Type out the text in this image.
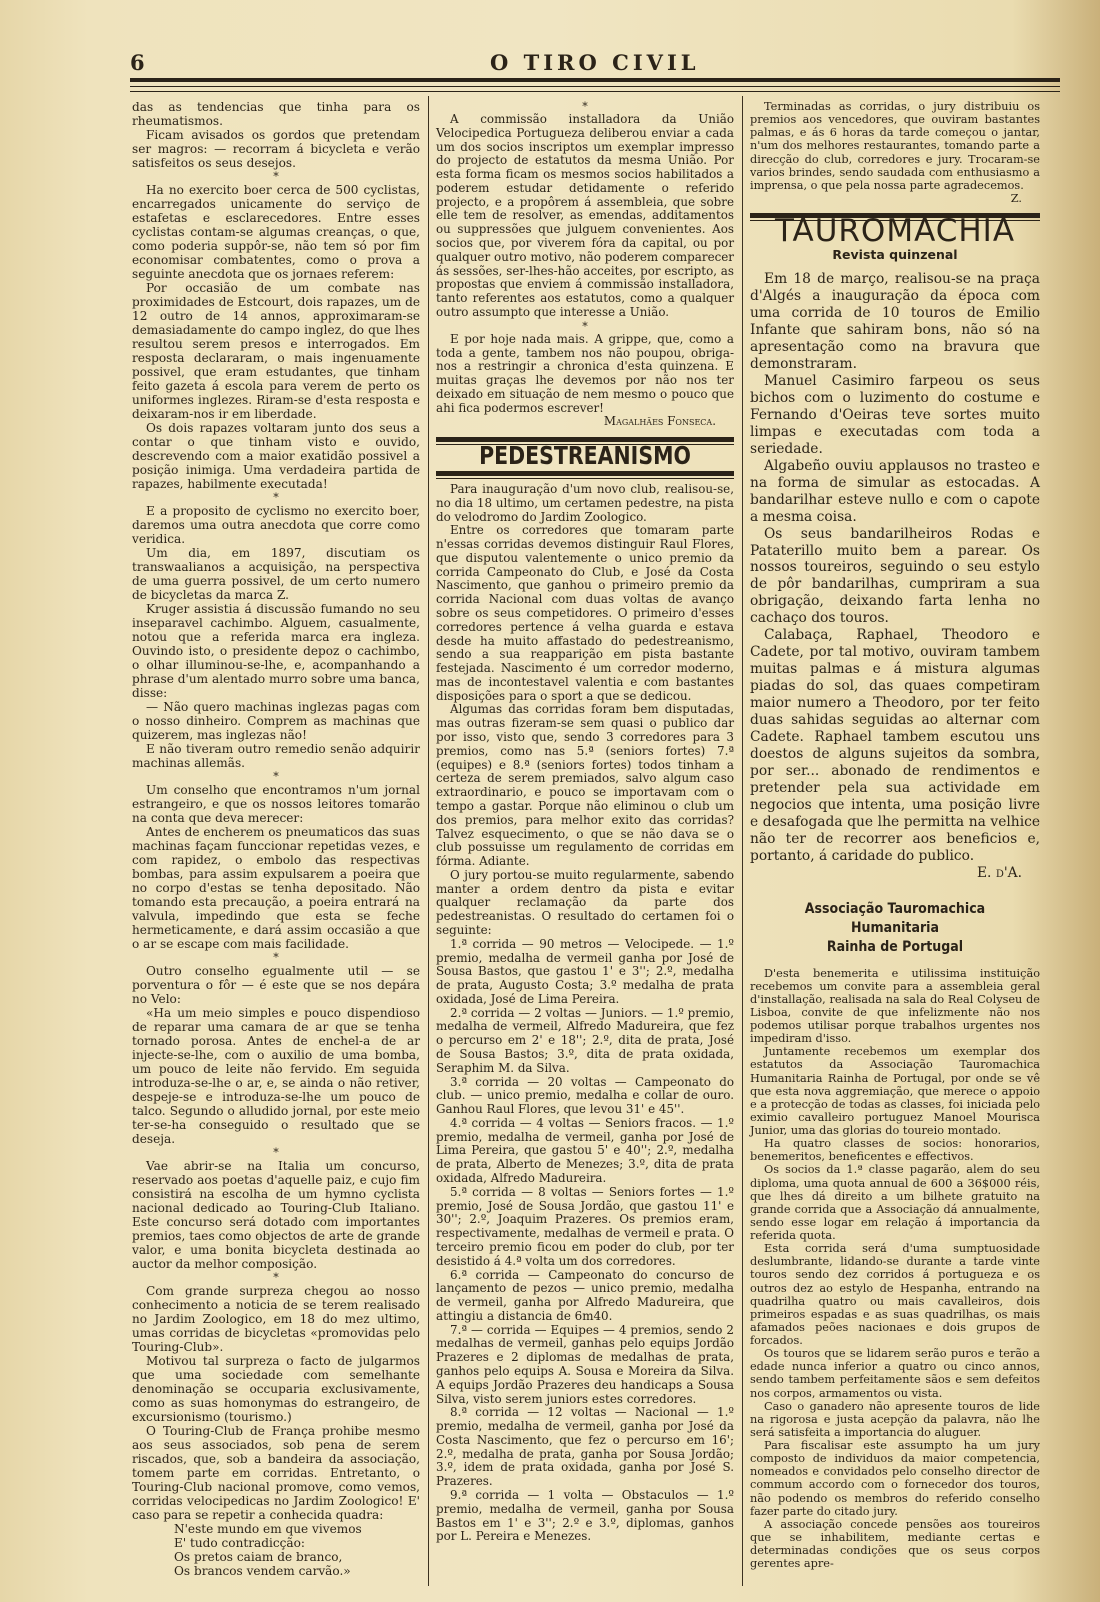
6	O TIRO CIVIL

das as tendencias que tinha para os rheumatismos.

Ficam avisados os gordos que pretendam ser magros: — recorram á bicycleta e verão satisfeitos os seus desejos.

*

Ha no exercito boer cerca de 500 cyclistas, encarregados unicamente do serviço de estafetas e esclarecedores. Entre esses cyclistas contam-se algumas creanças, o que, como poderia suppôr-se, não tem só por fim economisar combatentes, como o prova a seguinte anecdota que os jornaes referem:

Por occasião de um combate nas proximidades de Estcourt, dois rapazes, um de 12 outro de 14 annos, approximaram-se demasiadamente do campo inglez, do que lhes resultou serem presos e interrogados. Em resposta declararam, o mais ingenuamente possivel, que eram estudantes, que tinham feito gazeta á escola para verem de perto os uniformes inglezes. Riram-se d'esta resposta e deixaram-nos ir em liberdade.

Os dois rapazes voltaram junto dos seus a contar o que tinham visto e ouvido, descrevendo com a maior exatidão possivel a posição inimiga. Uma verdadeira partida de rapazes, habilmente executada!

*

E a proposito de cyclismo no exercito boer, daremos uma outra anecdota que corre como veridica.

Um dia, em 1897, discutiam os transwaalianos a acquisição, na perspectiva de uma guerra possivel, de um certo numero de bicycletas da marca Z.

Kruger assistia á discussão fumando no seu inseparavel cachimbo. Alguem, casualmente, notou que a referida marca era ingleza. Ouvindo isto, o presidente depoz o cachimbo, o olhar illuminou-se-lhe, e, acompanhando a phrase d'um alentado murro sobre uma banca, disse:

— Não quero machinas inglezas pagas com o nosso dinheiro. Comprem as machinas que quizerem, mas inglezas não!

E não tiveram outro remedio senão adquirir machinas allemãs.

*

Um conselho que encontramos n'um jornal estrangeiro, e que os nossos leitores tomarão na conta que deva merecer:

Antes de encherem os pneumaticos das suas machinas façam funccionar repetidas vezes, e com rapidez, o embolo das respectivas bombas, para assim expulsarem a poeira que no corpo d'estas se tenha depositado. Não tomando esta precaução, a poeira entrará na valvula, impedindo que esta se feche hermeticamente, e dará assim occasião a que o ar se escape com mais facilidade.

*

Outro conselho egualmente util — se porventura o fôr — é este que se nos depára no Velo:

«Ha um meio simples e pouco dispendioso de reparar uma camara de ar que se tenha tornado porosa. Antes de enchel-a de ar injecte-se-lhe, com o auxilio de uma bomba, um pouco de leite não fervido. Em seguida introduza-se-lhe o ar, e, se ainda o não retiver, despeje-se e introduza-se-lhe um pouco de talco. Segundo o alludido jornal, por este meio ter-se-ha conseguido o resultado que se deseja.

*

Vae abrir-se na Italia um concurso, reservado aos poetas d'aquelle paiz, e cujo fim consistirá na escolha de um hymno cyclista nacional dedicado ao Touring-Club Italiano. Este concurso será dotado com importantes premios, taes como objectos de arte de grande valor, e uma bonita bicycleta destinada ao auctor da melhor composição.

*

Com grande surpreza chegou ao nosso conhecimento a noticia de se terem realisado no Jardim Zoologico, em 18 do mez ultimo, umas corridas de bicycletas «promovidas pelo Touring-Club».

Motivou tal surpreza o facto de julgarmos que uma sociedade com semelhante denominação se occuparia exclusivamente, como as suas homonymas do estrangeiro, de excursionismo (tourismo.)

O Touring-Club de França prohibe mesmo aos seus associados, sob pena de serem riscados, que, sob a bandeira da associação, tomem parte em corridas. Entretanto, o Touring-Club nacional promove, como vemos, corridas velocipedicas no Jardim Zoologico! E' caso para se repetir a conhecida quadra:

N'este mundo em que vivemos
E' tudo contradicção:
Os pretos caiam de branco,
Os brancos vendem carvão.»
*

A commissão installadora da União Velocipedica Portugueza deliberou enviar a cada um dos socios inscriptos um exemplar impresso do projecto de estatutos da mesma União. Por esta forma ficam os mesmos socios habilitados a poderem estudar detidamente o referido projecto, e a propôrem á assembleia, que sobre elle tem de resolver, as emendas, additamentos ou suppressões que julguem convenientes. Aos socios que, por viverem fóra da capital, ou por qualquer outro motivo, não poderem comparecer ás sessões, ser-lhes-hão acceites, por escripto, as propostas que enviem á commissão installadora, tanto referentes aos estatutos, como a qualquer outro assumpto que interesse a União.

*

E por hoje nada mais. A grippe, que, como a toda a gente, tambem nos não poupou, obriga-nos a restringir a chronica d'esta quinzena. E muitas graças lhe devemos por não nos ter deixado em situação de nem mesmo o pouco que ahi fica podermos escrever!

Magalhães Fonseca.
PEDESTREANISMO

Para inauguração d'um novo club, realisou-se, no dia 18 ultimo, um certamen pedestre, na pista do velodromo do Jardim Zoologico.

Entre os corredores que tomaram parte n'essas corridas devemos distinguir Raul Flores, que disputou valentemente o unico premio da corrida Campeonato do Club, e José da Costa Nascimento, que ganhou o primeiro premio da corrida Nacional com duas voltas de avanço sobre os seus competidores. O primeiro d'esses corredores pertence á velha guarda e estava desde ha muito affastado do pedestreanismo, sendo a sua reapparição em pista bastante festejada. Nascimento é um corredor moderno, mas de incontestavel valentia e com bastantes disposições para o sport a que se dedicou.

Algumas das corridas foram bem disputadas, mas outras fizeram-se sem quasi o publico dar por isso, visto que, sendo 3 corredores para 3 premios, como nas 5.ª (seniors fortes) 7.ª (equipes) e 8.ª (seniors fortes) todos tinham a certeza de serem premiados, salvo algum caso extraordinario, e pouco se importavam com o tempo a gastar. Porque não eliminou o club um dos premios, para melhor exito das corridas? Talvez esquecimento, o que se não dava se o club possuisse um regulamento de corridas em fórma. Adiante.

O jury portou-se muito regularmente, sabendo manter a ordem dentro da pista e evitar qualquer reclamação da parte dos pedestreanistas. O resultado do certamen foi o seguinte:

1.ª corrida — 90 metros — Velocipede. — 1.º premio, medalha de vermeil ganha por José de Sousa Bastos, que gastou 1' e 3''; 2.º, medalha de prata, Augusto Costa; 3.º medalha de prata oxidada, José de Lima Pereira.

2.ª corrida — 2 voltas — Juniors. — 1.º premio, medalha de vermeil, Alfredo Madureira, que fez o percurso em 2' e 18''; 2.º, dita de prata, José de Sousa Bastos; 3.º, dita de prata oxidada, Seraphim M. da Silva.

3.ª corrida — 20 voltas — Campeonato do club. — unico premio, medalha e collar de ouro. Ganhou Raul Flores, que levou 31' e 45''.

4.ª corrida — 4 voltas — Seniors fracos. — 1.º premio, medalha de vermeil, ganha por José de Lima Pereira, que gastou 5' e 40''; 2.º, medalha de prata, Alberto de Menezes; 3.º, dita de prata oxidada, Alfredo Madureira.

5.ª corrida — 8 voltas — Seniors fortes — 1.º premio, José de Sousa Jordão, que gastou 11' e 30''; 2.º, Joaquim Prazeres. Os premios eram, respectivamente, medalhas de vermeil e prata. O terceiro premio ficou em poder do club, por ter desistido á 4.ª volta um dos corredores.

6.ª corrida — Campeonato do concurso de lançamento de pezos — unico premio, medalha de vermeil, ganha por Alfredo Madureira, que attingiu a distancia de 6m40.

7.ª — corrida — Equipes — 4 premios, sendo 2 medalhas de vermeil, ganhas pelo equips Jordão Prazeres e 2 diplomas de medalhas de prata, ganhos pelo equips A. Sousa e Moreira da Silva. A equips Jordão Prazeres deu handicaps a Sousa Silva, visto serem juniors estes corredores.

8.ª corrida — 12 voltas — Nacional — 1.º premio, medalha de vermeil, ganha por José da Costa Nascimento, que fez o percurso em 16'; 2.º, medalha de prata, ganha por Sousa Jordão; 3.º, idem de prata oxidada, ganha por José S. Prazeres.

9.ª corrida — 1 volta — Obstaculos — 1.º premio, medalha de vermeil, ganha por Sousa Bastos em 1' e 3''; 2.º e 3.º, diplomas, ganhos por L. Pereira e Menezes.

Terminadas as corridas, o jury distribuiu os premios aos vencedores, que ouviram bastantes palmas, e ás 6 horas da tarde começou o jantar, n'um dos melhores restaurantes, tomando parte a direcção do club, corredores e jury. Trocaram-se varios brindes, sendo saudada com enthusiasmo a imprensa, o que pela nossa parte agradecemos.

Z.
TAUROMACHIA
Revista quinzenal

Em 18 de março, realisou-se na praça d'Algés a inauguração da época com uma corrida de 10 touros de Emilio Infante que sahiram bons, não só na apresentação como na bravura que demonstraram.

Manuel Casimiro farpeou os seus bichos com o luzimento do costume e Fernando d'Oeiras teve sortes muito limpas e executadas com toda a seriedade.

Algabeño ouviu applausos no trasteo e na forma de simular as estocadas. A bandarilhar esteve nullo e com o capote a mesma coisa.

Os seus bandarilheiros Rodas e Pataterillo muito bem a parear. Os nossos toureiros, seguindo o seu estylo de pôr bandarilhas, cumpriram a sua obrigação, deixando farta lenha no cachaço dos touros.

Calabaça, Raphael, Theodoro e Cadete, por tal motivo, ouviram tambem muitas palmas e á mistura algumas piadas do sol, das quaes competiram maior numero a Theodoro, por ter feito duas sahidas seguidas ao alternar com Cadete. Raphael tambem escutou uns doestos de alguns sujeitos da sombra, por ser... abonado de rendimentos e pretender pela sua actividade em negocios que intenta, uma posição livre e desafogada que lhe permitta na velhice não ter de recorrer aos beneficios e, portanto, á caridade do publico.

E. d'A.
Associação Tauromachica Humanitaria
Rainha de Portugal

D'esta benemerita e utilissima instituição recebemos um convite para a assembleia geral d'installação, realisada na sala do Real Colyseu de Lisboa, convite de que infelizmente não nos podemos utilisar porque trabalhos urgentes nos impediram d'isso.

Juntamente recebemos um exemplar dos estatutos da Associação Tauromachica Humanitaria Rainha de Portugal, por onde se vê que esta nova aggremiação, que merece o appoio e a protecção de todas as classes, foi iniciada pelo eximio cavalleiro portuguez Manoel Mourisca Junior, uma das glorias do toureio montado.

Ha quatro classes de socios: honorarios, benemeritos, beneficentes e effectivos.

Os socios da 1.ª classe pagarão, alem do seu diploma, uma quota annual de 600 a 36$000 réis, que lhes dá direito a um bilhete gratuito na grande corrida que a Associação dá annualmente, sendo esse logar em relação á importancia da referida quota.

Esta corrida será d'uma sumptuosidade deslumbrante, lidando-se durante a tarde vinte touros sendo dez corridos á portugueza e os outros dez ao estylo de Hespanha, entrando na quadrilha quatro ou mais cavalleiros, dois primeiros espadas e as suas quadrilhas, os mais afamados peões nacionaes e dois grupos de forcados.

Os touros que se lidarem serão puros e terão a edade nunca inferior a quatro ou cinco annos, sendo tambem perfeitamente sãos e sem defeitos nos corpos, armamentos ou vista.

Caso o ganadero não apresente touros de lide na rigorosa e justa acepção da palavra, não lhe será satisfeita a importancia do aluguer.

Para fiscalisar este assumpto ha um jury composto de individuos da maior competencia, nomeados e convidados pelo conselho director de commum accordo com o fornecedor dos touros, não podendo os membros do referido conselho fazer parte do citado jury.

A associação concede pensões aos toureiros que se inhabilitem, mediante certas e determinadas condições que os seus corpos gerentes apre-
